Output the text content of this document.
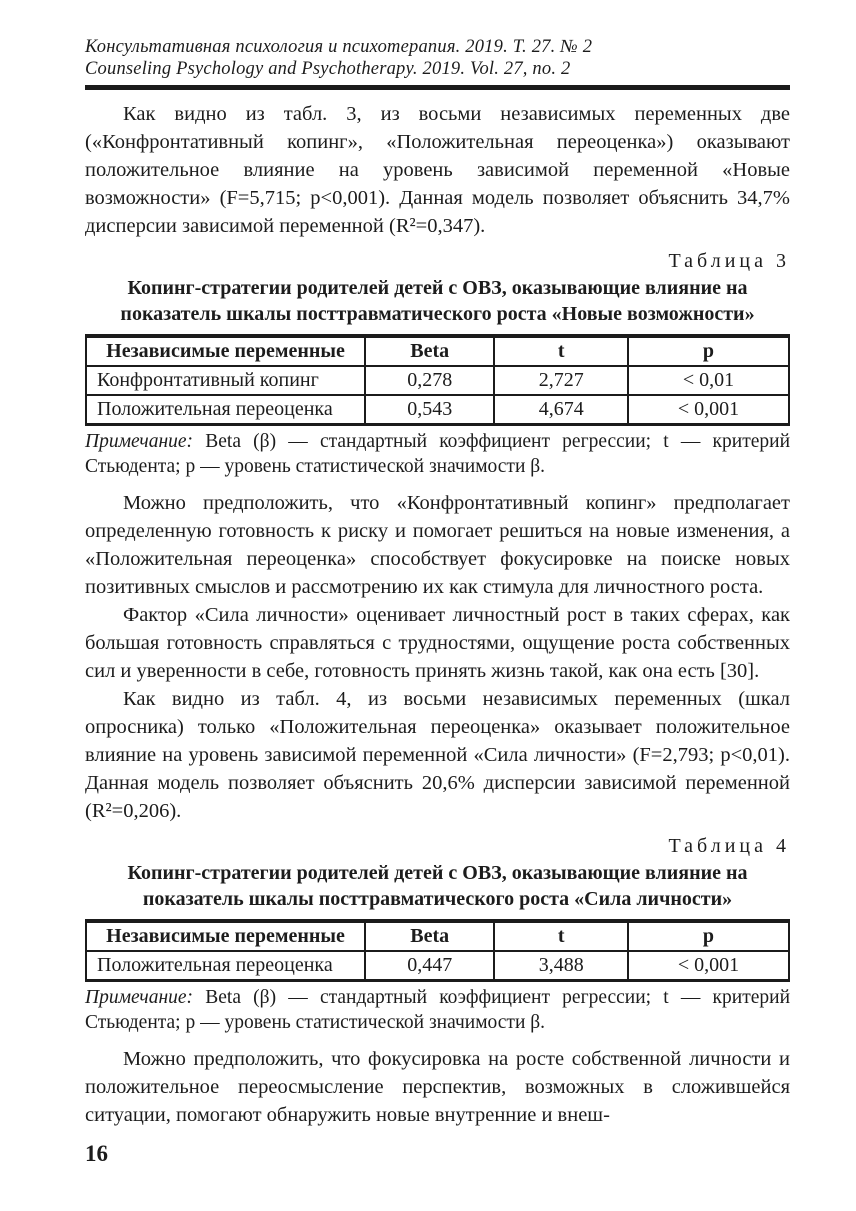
Консультативная психология и психотерапия. 2019. Т. 27. № 2
Counseling Psychology and Psychotherapy. 2019. Vol. 27, no. 2

Как видно из табл. 3, из восьми независимых переменных две («Конфронтативный копинг», «Положительная переоценка») оказывают положительное влияние на уровень зависимой переменной «Новые возможности» (F=5,715; p<0,001). Данная модель позволяет объяснить 34,7% дисперсии зависимой переменной (R²=0,347).

Таблица 3
Копинг-стратегии родителей детей с ОВЗ, оказывающие влияние на показатель шкалы посттравматического роста «Новые возможности»
Независимые переменные	Beta	t	p
Конфронтативный копинг	0,278	2,727	< 0,01
Положительная переоценка	0,543	4,674	< 0,001

Примечание: Beta (β) — стандартный коэффициент регрессии; t — критерий Стьюдента; p — уровень статистической значимости β.

Можно предположить, что «Конфронтативный копинг» предполагает определенную готовность к риску и помогает решиться на новые изменения, а «Положительная переоценка» способствует фокусировке на поиске новых позитивных смыслов и рассмотрению их как стимула для личностного роста.

Фактор «Сила личности» оценивает личностный рост в таких сферах, как большая готовность справляться с трудностями, ощущение роста собственных сил и уверенности в себе, готовность принять жизнь такой, как она есть [30].

Как видно из табл. 4, из восьми независимых переменных (шкал опросника) только «Положительная переоценка» оказывает положительное влияние на уровень зависимой переменной «Сила личности» (F=2,793; p<0,01). Данная модель позволяет объяснить 20,6% дисперсии зависимой переменной (R²=0,206).

Таблица 4
Копинг-стратегии родителей детей с ОВЗ, оказывающие влияние на показатель шкалы посттравматического роста «Сила личности»
Независимые переменные	Beta	t	p
Положительная переоценка	0,447	3,488	< 0,001

Примечание: Beta (β) — стандартный коэффициент регрессии; t — критерий Стьюдента; p — уровень статистической значимости β.

Можно предположить, что фокусировка на росте собственной личности и положительное переосмысление перспектив, возможных в сложившейся ситуации, помогают обнаружить новые внутренние и внеш-

16
